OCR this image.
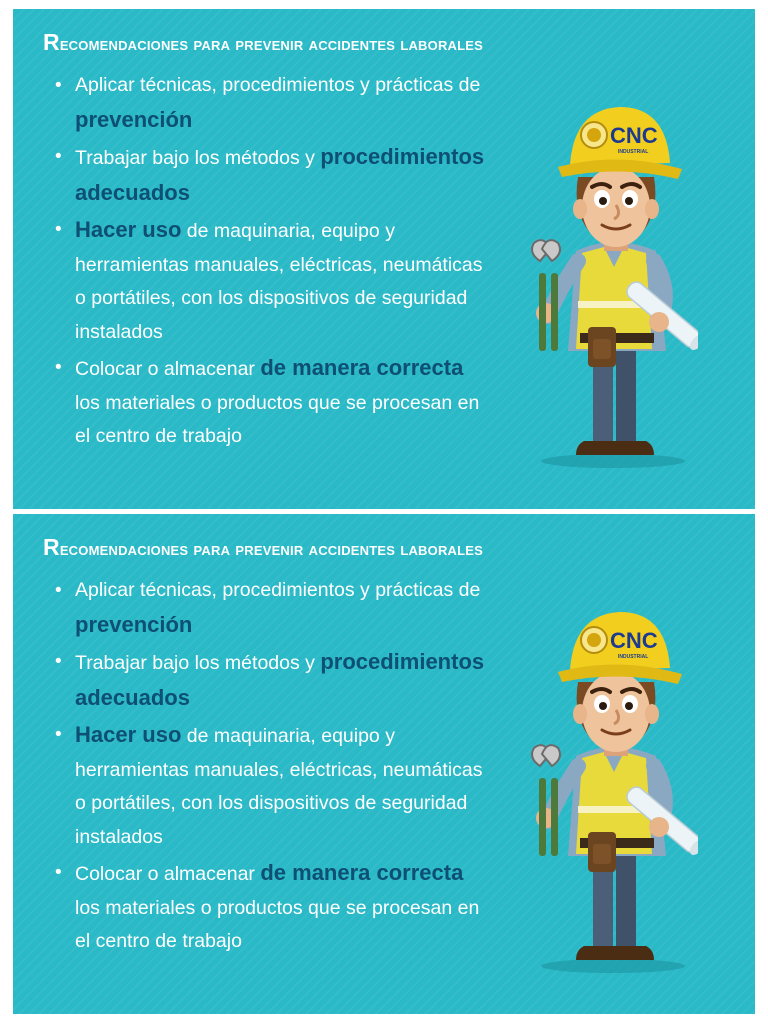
Recomendaciones para prevenir accidentes laborales
• Aplicar técnicas, procedimientos y prácticas de prevención
• Trabajar bajo los métodos y procedimientos adecuados
• Hacer uso de maquinaria, equipo y herramientas manuales, eléctricas, neumáticas o portátiles, con los dispositivos de seguridad instalados
• Colocar o almacenar de manera correcta los materiales o productos que se procesan en el centro de trabajo
CNC
INDUSTRIAL
Recomendaciones para prevenir accidentes laborales
• Aplicar técnicas, procedimientos y prácticas de prevención
• Trabajar bajo los métodos y procedimientos adecuados
• Hacer uso de maquinaria, equipo y herramientas manuales, eléctricas, neumáticas o portátiles, con los dispositivos de seguridad instalados
• Colocar o almacenar de manera correcta los materiales o productos que se procesan en el centro de trabajo
CNC
INDUSTRIAL
